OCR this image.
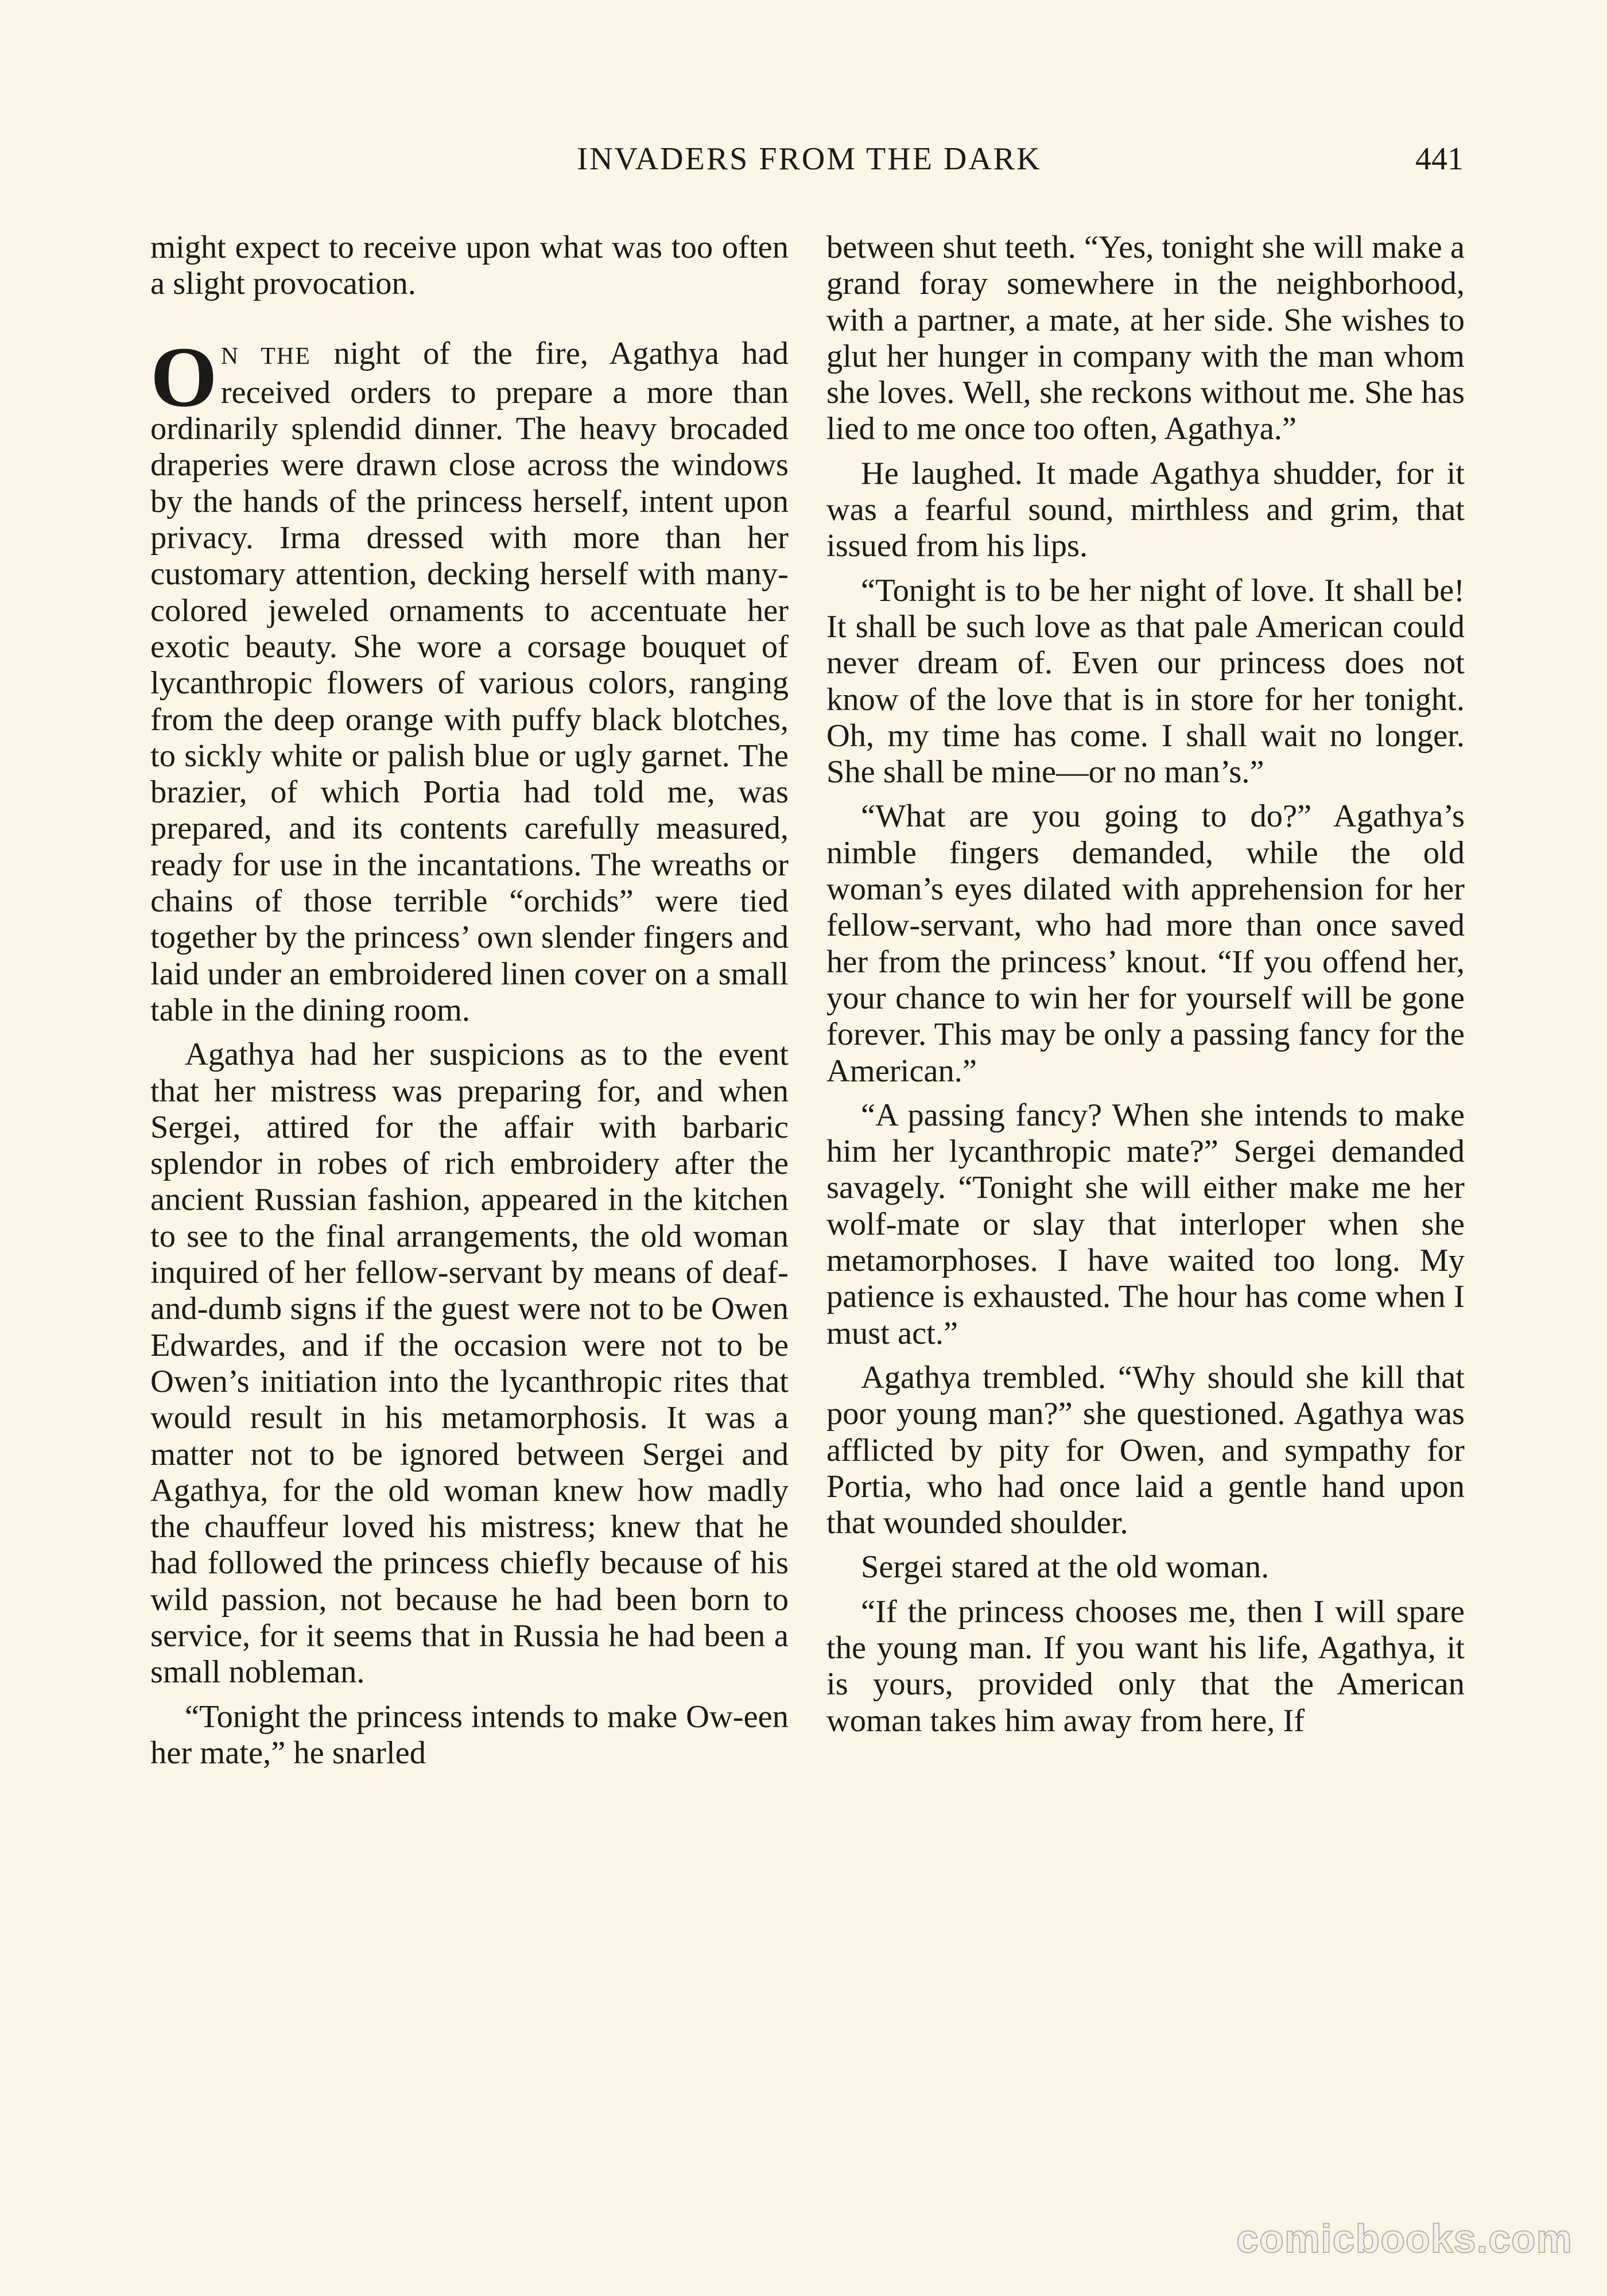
INVADERS FROM THE DARK	441

might expect to receive upon what was too often a slight provocation.

O N THE night of the fire, Agathya had received orders to prepare a more than ordinarily splendid dinner. The heavy brocaded draperies were drawn close across the windows by the hands of the princess herself, intent upon privacy. Irma dressed with more than her customary attention, decking herself with many-colored jeweled ornaments to accentuate her exotic beauty. She wore a corsage bouquet of lycanthropic flowers of various colors, ranging from the deep orange with puffy black blotches, to sickly white or palish blue or ugly garnet. The brazier, of which Portia had told me, was prepared, and its contents carefully measured, ready for use in the incantations. The wreaths or chains of those terrible “orchids” were tied together by the princess’ own slender fingers and laid under an embroidered linen cover on a small table in the dining room.

Agathya had her suspicions as to the event that her mistress was preparing for, and when Sergei, attired for the affair with barbaric splendor in robes of rich embroidery after the ancient Russian fashion, appeared in the kitchen to see to the final arrangements, the old woman inquired of her fellow-servant by means of deaf-and-dumb signs if the guest were not to be Owen Edwardes, and if the occasion were not to be Owen’s initiation into the lycanthropic rites that would result in his metamorphosis. It was a matter not to be ignored between Sergei and Agathya, for the old woman knew how madly the chauffeur loved his mistress; knew that he had followed the princess chiefly because of his wild passion, not because he had been born to service, for it seems that in Russia he had been a small nobleman.

“Tonight the princess intends to make Ow-een her mate,” he snarled

between shut teeth. “Yes, tonight she will make a grand foray somewhere in the neighborhood, with a partner, a mate, at her side. She wishes to glut her hunger in company with the man whom she loves. Well, she reckons without me. She has lied to me once too often, Agathya.”

He laughed. It made Agathya shudder, for it was a fearful sound, mirthless and grim, that issued from his lips.

“Tonight is to be her night of love. It shall be! It shall be such love as that pale American could never dream of. Even our princess does not know of the love that is in store for her tonight. Oh, my time has come. I shall wait no longer. She shall be mine—or no man’s.”

“What are you going to do?” Agathya’s nimble fingers demanded, while the old woman’s eyes dilated with apprehension for her fellow-servant, who had more than once saved her from the princess’ knout. “If you offend her, your chance to win her for yourself will be gone forever. This may be only a passing fancy for the American.”

“A passing fancy? When she intends to make him her lycanthropic mate?” Sergei demanded savagely. “Tonight she will either make me her wolf-mate or slay that interloper when she metamorphoses. I have waited too long. My patience is exhausted. The hour has come when I must act.”

Agathya trembled. “Why should she kill that poor young man?” she questioned. Agathya was afflicted by pity for Owen, and sympathy for Portia, who had once laid a gentle hand upon that wounded shoulder.

Sergei stared at the old woman.

“If the princess chooses me, then I will spare the young man. If you want his life, Agathya, it is yours, provided only that the American woman takes him away from here, If

comicbooks.com
